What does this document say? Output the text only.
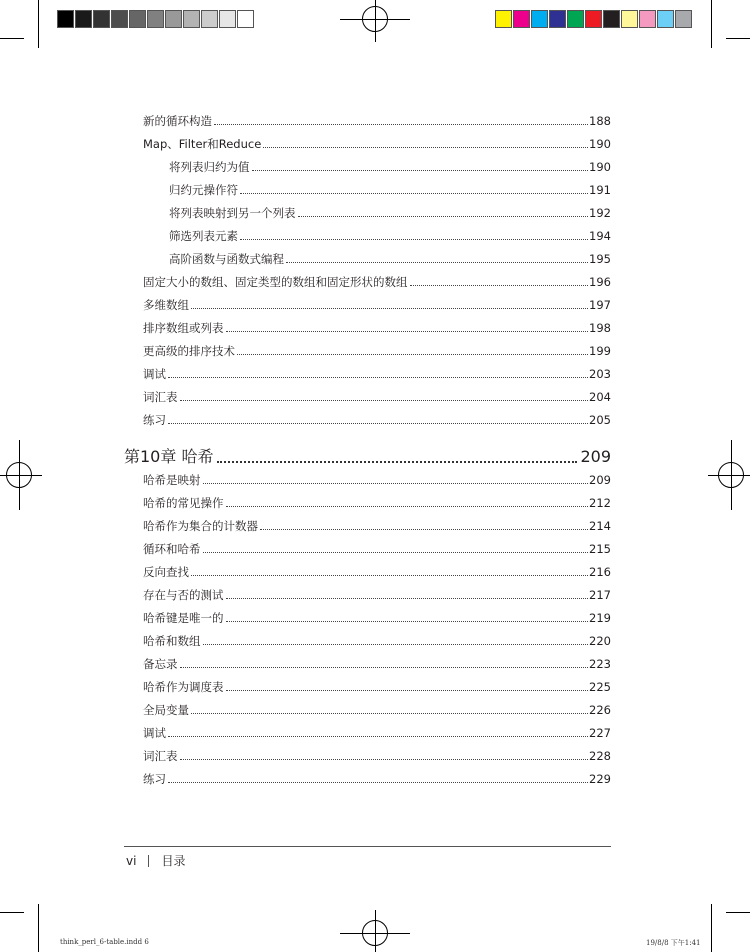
新的循环构造	188
Map、Filter和Reduce	190
将列表归约为值	190
归约元操作符	191
将列表映射到另一个列表	192
筛选列表元素	194
高阶函数与函数式编程	195
固定大小的数组、固定类型的数组和固定形状的数组	196
多维数组	197
排序数组或列表	198
更高级的排序技术	199
调试	203
词汇表	204
练习	205
第10章 哈希	209
哈希是映射	209
哈希的常见操作	212
哈希作为集合的计数器	214
循环和哈希	215
反向查找	216
存在与否的测试	217
哈希键是唯一的	219
哈希和数组	220
备忘录	223
哈希作为调度表	225
全局变量	226
调试	227
词汇表	228
练习	229
vi 目录
think_perl_6-table.indd 6	19/8/8 下午1:41
